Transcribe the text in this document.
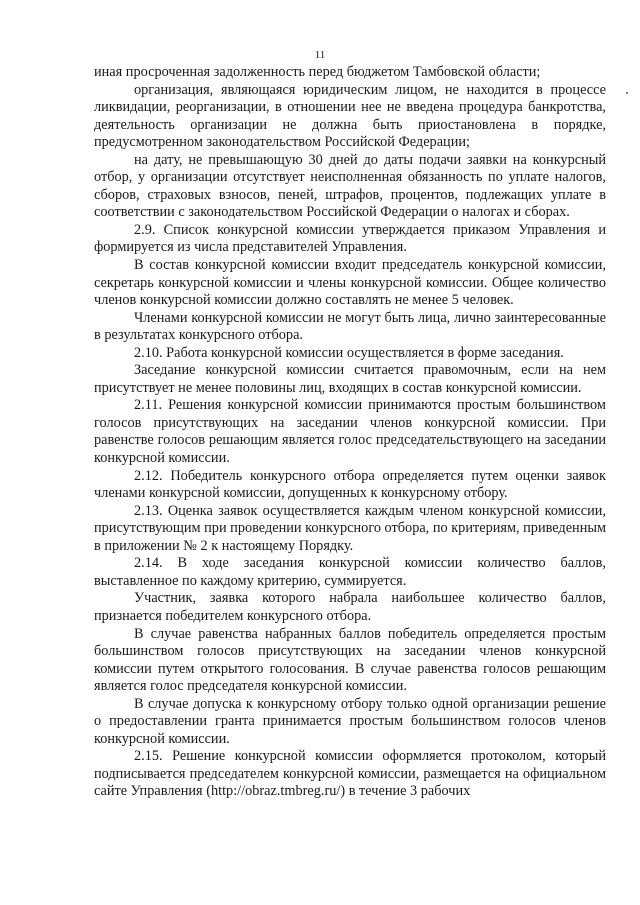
11

иная просроченная задолженность перед бюджетом Тамбовской области;

организация, являющаяся юридическим лицом, не находится в процессе ликвидации, реорганизации, в отношении нее не введена процедура банкротства, деятельность организации не должна быть приостановлена в порядке, предусмотренном законодательством Российской Федерации;

на дату, не превышающую 30 дней до даты подачи заявки на конкурсный отбор, у организации отсутствует неисполненная обязанность по уплате налогов, сборов, страховых взносов, пеней, штрафов, процентов, подлежащих уплате в соответствии с законодательством Российской Федерации о налогах и сборах.

2.9. Список конкурсной комиссии утверждается приказом Управления и формируется из числа представителей Управления.

В состав конкурсной комиссии входит председатель конкурсной комиссии, секретарь конкурсной комиссии и члены конкурсной комиссии. Общее количество членов конкурсной комиссии должно составлять не менее 5 человек.

Членами конкурсной комиссии не могут быть лица, лично заинтересованные в результатах конкурсного отбора.

2.10. Работа конкурсной комиссии осуществляется в форме заседания.

Заседание конкурсной комиссии считается правомочным, если на нем присутствует не менее половины лиц, входящих в состав конкурсной комиссии.

2.11. Решения конкурсной комиссии принимаются простым большинством голосов присутствующих на заседании членов конкурсной комиссии. При равенстве голосов решающим является голос председательствующего на заседании конкурсной комиссии.

2.12. Победитель конкурсного отбора определяется путем оценки заявок членами конкурсной комиссии, допущенных к конкурсному отбору.

2.13. Оценка заявок осуществляется каждым членом конкурсной комиссии, присутствующим при проведении конкурсного отбора, по критериям, приведенным в приложении № 2 к настоящему Порядку.

2.14. В ходе заседания конкурсной комиссии количество баллов, выставленное по каждому критерию, суммируется.

Участник, заявка которого набрала наибольшее количество баллов, признается победителем конкурсного отбора.

В случае равенства набранных баллов победитель определяется простым большинством голосов присутствующих на заседании членов конкурсной комиссии путем открытого голосования. В случае равенства голосов решающим является голос председателя конкурсной комиссии.

В случае допуска к конкурсному отбору только одной организации решение о предоставлении гранта принимается простым большинством голосов членов конкурсной комиссии.

2.15. Решение конкурсной комиссии оформляется протоколом, который подписывается председателем конкурсной комиссии, размещается на официальном сайте Управления (http://obraz.tmbreg.ru/) в течение 3 рабочих
